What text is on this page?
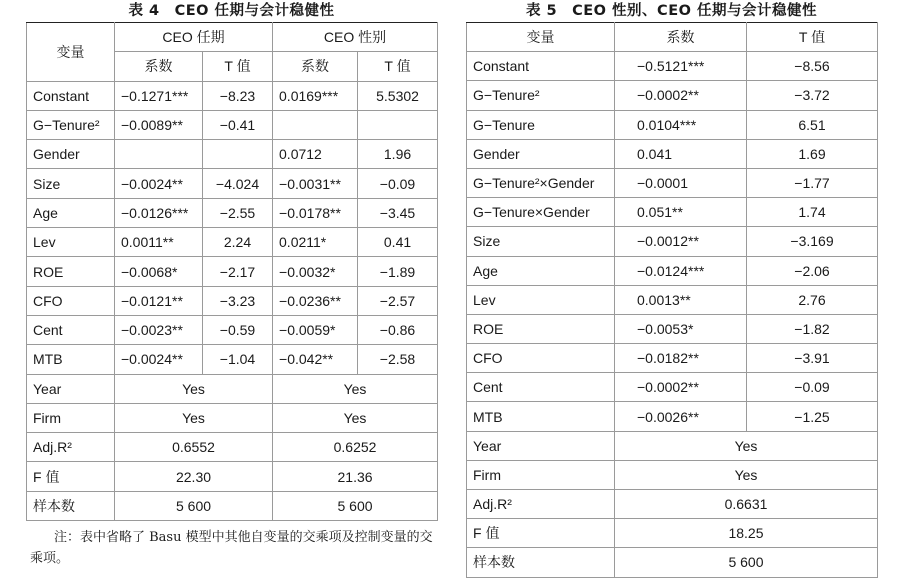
表 4　CEO 任期与会计稳健性
变量	CEO 任期		CEO 性别	
	系数	T 值	系数	T 值
Constant	−0.1271***	−8.23	0.0169***	5.5302
G−Tenure²	−0.0089**	−0.41		
Gender			0.0712	1.96
Size	−0.0024**	−4.024	−0.0031**	−0.09
Age	−0.0126***	−2.55	−0.0178**	−3.45
Lev	0.0011**	2.24	0.0211*	0.41
ROE	−0.0068*	−2.17	−0.0032*	−1.89
CFO	−0.0121**	−3.23	−0.0236**	−2.57
Cent	−0.0023**	−0.59	−0.0059*	−0.86
MTB	−0.0024**	−1.04	−0.042**	−2.58
Year	Yes		Yes	
Firm	Yes		Yes	
Adj.R²	0.6552		0.6252	
F 值	22.30		21.36	
样本数	5 600		5 600	
注：表中省略了 Basu 模型中其他自变量的交乘项及控制变量的交乘项。
表 5　CEO 性别、CEO 任期与会计稳健性
变量	系数	T 值
Constant	−0.5121***	−8.56
G−Tenure²	−0.0002**	−3.72
G−Tenure	0.0104***	6.51
Gender	0.041	1.69
G−Tenure²×Gender	−0.0001	−1.77
G−Tenure×Gender	0.051**	1.74
Size	−0.0012**	−3.169
Age	−0.0124***	−2.06
Lev	0.0013**	2.76
ROE	−0.0053*	−1.82
CFO	−0.0182**	−3.91
Cent	−0.0002**	−0.09
MTB	−0.0026**	−1.25
Year	Yes	
Firm	Yes	
Adj.R²	0.6631	
F 值	18.25	
样本数	5 600	
